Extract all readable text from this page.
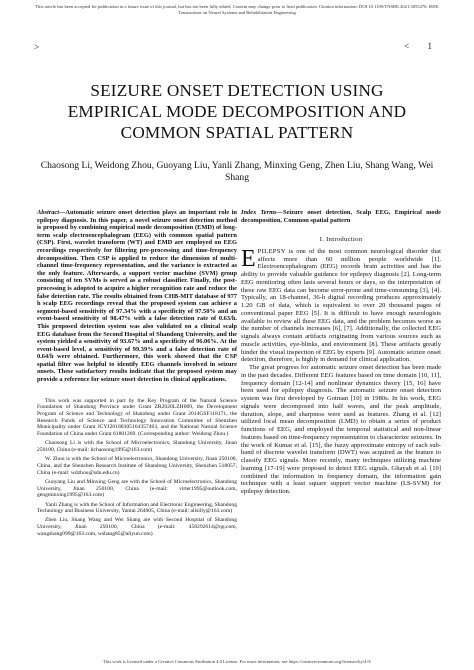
This article has been accepted for publication in a future issue of this journal, but has not been fully edited. Content may change prior to final publication. Citation information: DOI 10.1109/TNSRE.2021.3055276, IEEE
Transactions on Neural Systems and Rehabilitation Engineering
>	< 1
SEIZURE ONSET DETECTION USING
EMPIRICAL MODE DECOMPOSITION AND
COMMON SPATIAL PATTERN
Chaosong Li, Weidong Zhou, Guoyang Liu, Yanli Zhang, Minxing Geng, Zhen Liu, Shang Wang, Wei Shang

Abstract—Automatic seizure onset detection plays an important role in epilepsy diagnosis. In this paper, a novel seizure onset detection method is proposed by combining empirical mode decomposition (EMD) of long-term scalp electroencephalogram (EEG) with common spatial pattern (CSP). First, wavelet transform (WT) and EMD are employed on EEG recordings respectively for filtering pre-processing and time-frequency decomposition. Then CSP is applied to reduce the dimension of multi-channel time-frequency representation, and the variance is extracted as the only feature. Afterwards, a support vector machine (SVM) group consisting of ten SVMs is served as a robust classifier. Finally, the post-processing is adopted to acquire a higher recognition rate and reduce the false detection rate. The results obtained from CHB-MIT database of 977 h scalp EEG recordings reveal that the proposed system can achieve a segment-based sensitivity of 97.34% with a specificity of 97.50% and an event-based sensitivity of 98.47% with a false detection rate of 0.63/h. This proposed detection system was also validated on a clinical scalp EEG database from the Second Hospital of Shandong University, and the system yielded a sensitivity of 93.67% and a specificity of 96.06%. At the event-based level, a sensitivity of 99.39% and a false detection rate of 0.64/h were obtained. Furthermore, this work showed that the CSP spatial filter was helpful to identify EEG channels involved in seizure onsets. These satisfactory results indicate that the proposed system may provide a reference for seizure onset detection in clinical applications.

This work was supported in part by the Key Program of the Natural Science Foundation of Shandong Province under Grant ZR2020LZH009, the Development Program of Science and Technology of Shandong under Grant 2014GSF118171, the Research Funds of Science and Technology Innovation Committee of Shenzhen Municipality under Grant JCYJ20180305164357463, and the National Natural Science Foundation of China under Grant 61801269. (Corresponding author: Weidong Zhou.)

Chaosong Li is with the School of Microelectronics, Shandong University, Jinan 250100, China (e-mail: lichaosong1995@163.com)

W. Zhou is with the School of Microelectronics, Shandong University, Jinan 250100, China, and the Shenzhen Research Institute of Shandong University, Shenzhen 518057, China (e-mail: wdzhou@sdu.edu.cn)

Guoyang Liu and Minxing Geng are with the School of Microelectronics, Shandong University, Jinan 250100, China (e-mail: virter1995@outlook.com, gengminxing1995@163.com)

Yanli Zhang is with the School of Information and Electronic Engineering, Shandong Technology and Business University, Yantai 264005, China (e-mail: allsilly@163.com)

Zhen Liu, Shang Wang and Wei Shang are with Second Hospital of Shandong University, Jinan 250100, China (e-mail: 458292614@qq.com, wangshang099@163.com, wshang85@aliyun.com)

Index Terms—Seizure onset detection, Scalp EEG, Empirical mode decomposition, Common spatial pattern

I. Introduction

EPILEPSY is one of the most common neurological disorder that affects more than 60 million people worldwide [1]. Electroencephalogram (EEG) records brain activities and has the ability to provide valuable guidance for epilepsy diagnosis [2]. Long-term EEG monitoring often lasts several hours or days, so the interpretation of these raw EEG data can become error-prone and time-consuming [3], [4]. Typically, an 18-channel, 36-h digital recording produces approximately 1.20 GB of data, which is equivalent to over 20 thousand pages of conventional paper EEG [5]. It is difficult to have enough neurologists available to review all these EEG data, and the problem becomes worse as the number of channels increases [6], [7]. Additionally, the collected EEG signals always contain artifacts originating from various sources such as muscle activities, eye-blinks, and environment [8]. These artifacts greatly hinder the visual inspection of EEG by experts [9]. Automatic seizure onset detection, therefore, is highly in demand for clinical application.

The great progress for automatic seizure onset detection has been made in the past decades. Different EEG features based on time domain [10, 11], frequency domain [12-14] and nonlinear dynamics theory [15, 16] have been used for epilepsy diagnosis. The automatic seizure onset detection system was first developed by Gotman [10] in 1980s. In his work, EEG signals were decomposed into half waves, and the peak amplitude, duration, slope, and sharpness were used as features. Zhang et al. [12] utilized local mean decomposition (LMD) to obtain a series of product functions of EEG, and employed the temporal statistical and non-linear features based on time-frequency representation to characterize seizures. In the work of Kumar et al. [15], the fuzzy approximate entropy of each sub-band of discrete wavelet transform (DWT) was acquired as the feature to classify EEG signals. More recently, many techniques utilizing machine learning [17-19] were proposed to detect EEG signals. Ghayab et al. [19] combined the information in frequency domain, the information gain technique with a least square support vector machine (LS-SVM) for epilepsy detection.

This work is licensed under a Creative Commons Attribution 4.0 License. For more information, see https://creativecommons.org/licenses/by/4.0/
